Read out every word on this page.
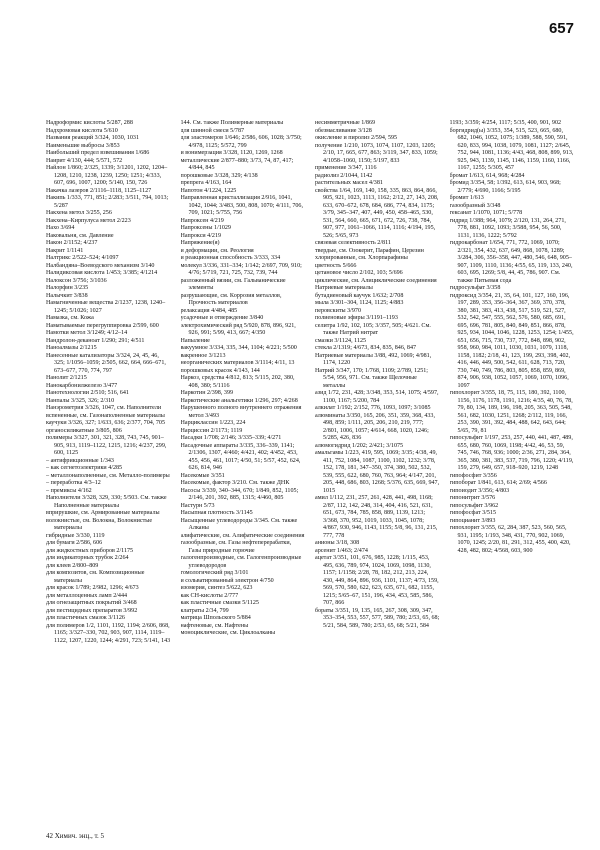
657

Надроформис кислоты 5/287, 288

Надхромовая кислота 5/610

Названия реакций 3/324, 1030, 1031

Наименьшие выбросы 3/853

Наибольший предел взвешивания 1/686

Наирит 4/130, 444; 5/571, 572

Найлон 1/860; 2/325, 1339; 3/1201, 1202, 1204–1208, 1210, 1238, 1239, 1250; 1251; 4/333, 607, 696, 1007, 1200; 5/140, 150, 726

Накачка лазеров 2/1116–1118, 1125–1127

Накипь 1/333, 771, 851; 2/283; 3/511, 794, 1013; 5/287

Накхена метол 3/255, 256

Накхена–Кирпулуса метол 2/223

Нахо 3/694

Наковальня, см. Давление

Након 2/1152; 4/237

Накрит 1/1141

Налтрикс 2/522–524; 4/1097

Налбандяна–Воеводского механизм 3/140

Налидиксовая кислота 1/453; 3/385; 4/1214

Налоксон 3/756; 3/1036

Налорфин 3/235

Налычкит 3/838

Намагниченные вещества 2/1237, 1238, 1240–1245; 5/1026; 1027

Намазка, см. Кожа

Наматываемые перегруппировка 2/599, 600

Намотки метол 3/1249; 4/12–14

Нандролон-деканоат 1/290; 291; 4/511

Наноалмазы 2/1215

Нанесенные катализаторы 3/324, 24, 45, 46, 325; 1/1056–1059; 2/505, 662, 664, 666–671, 673–677, 770, 774, 797

Нанолит 2/1215

Нанокарбонилжелезо 3/477

Нанотехнологии 2/510; 516, 641

Нанпалы 3/325, 326; 2/310

Нанэрометрия 3/326, 1047, см. Наполнители

вспененные, см. Газонаполненные материалы

каучуки 3/326, 327; 1/633, 636; 2/377, 704, 705

органосиликатные 3/805, 806

полимеры 3/327, 301, 321, 328, 743, 745, 901–905, 913, 1119–1122, 1215, 1216; 4/237, 299, 600, 1125

– антифрикционные 1/343

– как сегнетоэлектрики 4/285

– металлонаполненные, см. Металло-полимеры

– переработка 4/3–12

– премиксы 4/162

Наполнители 3/328, 329, 330; 5/503. См. также Наполненные материалы

вприрушкие, см. Армированные материалы

волокнистые, см. Волокна, Волокнистые материалы

гибридные 3/330, 1119

для бумаги 2/586, 606

для жидкостных приборов 2/1175

для индикаторных трубок 2/264

для клеев 2/800–809

для композитов, см. Композиционные материалы

для красок 1/789; 2/982, 1296; 4/673

для металлоценных ламп 2/444

для огнезащитных покрытий 3/468

для пестицидных препаратов 3/992

для пластичных смазок 3/1126

для полимеров 1/2, 1101, 1192, 1194; 2/606, 868, 1165; 3/327–330, 702, 903, 907, 1114, 1119–1122, 1207, 1220, 1244; 4/291, 723; 5/141, 143

144. См. также Полимерные материалы

для шинной смеси 5/787

для эластомеров 1/646; 2/586, 606, 1028; 3/750; 4/978, 1125; 5/572, 799

и вонимерзация 3/328, 1120, 1269, 1268

металлические 2/877–880; 3/73, 74, 87, 417; 4/844, 845

порошковые 3/328, 329; 4/138

препрега 4/163, 164

Напотон 4/1224, 1225

Направленная кристаллизация 2/916, 1041, 1042, 1044; 3/483, 500, 808, 1070; 4/111, 706, 709, 1021; 5/755, 756

Напроксен 4/219

Напроксены 1/1029

Напрокси 4/219

Напряжение(я)

и деформации, см. Реология

и реакционная способность 3/333, 334

молекул 3/336, 331–334; 1/142; 2/697, 709, 910; 4/76; 5/719, 721, 725, 732, 739, 744

разложенный вязии, см. Гальванические элементы

разрушающие, см. Коррозия металлов, Прочность материалов

релаксация 4/484, 485

усадочные и отверждение 3/840

электрохимический ряд 5/920, 878, 896, 921, 926, 991; 5/99, 413, 667; 4/350

Напыление

вакуумное 3/334, 335, 344, 1104; 4/221; 5/500

вакренное 3/1213

неорганических материалов 3/1114; 4/11, 13

порошковых красок 4/143, 144

Наркоз, средства 4/812, 813; 5/115, 202, 380, 408, 380; 5/1116

Наркотин 2/398, 399

Наркотические анальгетики 1/296, 297; 4/268

Нарушенного полного внутреннего отражения метол 3/493

Нарциклассин 1/223, 224

Нарциссин 2/1173; 1119

Насадки 1/708; 2/146; 3/335–339; 4/271

Насадочные аппараты 3/335, 336–339, 1141; 2/1306, 1307, 4/460; 4/421, 402; 4/452, 453, 455, 456, 461, 1017; 4/50, 51; 5/57, 452, 624, 626, 814, 946

Насекомые 3/351

Насекомые, фактор 3/210. См. также ДНК

Насосы 3/339, 340–344, 670; 1/849, 852, 1105; 2/146, 201, 392, 885, 1315; 4/460, 805

Настурн 5/73

Насыпная плотность 3/1145

Насыщенные углеводороды 3/345. См. также Алканы

алифатические, см. Алифатические соединения

газообразные, см. Газы нефтеперерабатки, Газы природные горючие

галогенпроизводные, см. Галогенпроизводные углеводородов

гомологический ряд 3/101

и сольватированный электрон 4/750

изомерия, синтез 5/622, 623

как СН-кислоты 2/777

как пластичные смазки 5/1125

клатраты 2/34, 799

матрица Шпольского 5/884

нафтеновые, см. Нафтены

моноциклические, см. Циклоалканы

несимметричные 1/869

обезмасливание 3/128

окисление и пиролиз 2/594, 595

получение 1/210, 1073, 1074, 1107, 1203, 1205; 2/10, 17, 665, 677, 863; 3/119, 347, 833, 1059; 4/1058–1060, 1150; 5/197, 833

применение 3/347, 1116

радиолиз 2/1044, 1142

растительных масел 4/381

свойства 1/64, 169, 140, 158, 335, 863, 864, 866, 905, 921, 1023, 1113, 1162; 2/12, 27, 143, 208, 633, 670–672, 678, 684, 686, 774, 834, 1175; 3/79, 345–347, 407, 449, 450, 458–465, 530, 531, 564, 660, 665, 671, 672, 726, 738, 784, 907, 977, 1061–1066, 1114, 1116; 4/194, 195, 526; 5/65, 973

связевая селективность 2/811

твердые, см. Озокерит, Парафин, Церезин

хлорированные, см. Хлорпарафины

цветность 5/666

цетановое число 2/102, 103; 5/696

циклические, см. Алициклические соединения

Натриевые материалы

бутадиеновый каучук 1/632; 2/708

мыла 3/301–304, 1124, 1125; 4/883

перовскиты 3/970

полиеновые эфиры 3/1191–1193

селитра 1/92, 102, 105; 3/357, 505; 4/621. См. также Натрий нитрат

смазки 3/1124, 1125

стекла 2/1319; 4/673, 834, 835, 846, 847

Натриевые материалы 3/88, 492, 1069; 4/981, 1174, 1220

Натрий 3/347, 170; 1/768, 1109; 2/789, 1251; 5/54, 956, 971. См. также Щелочные металлы

азид 1/72, 231, 428; 3/348, 353, 514, 1075; 4/597, 1100, 1167; 5/200, 784

алкилат 1/192; 2/152, 776, 1093, 1097; 3/1085

алюминаты 3/350, 165, 206, 351, 359, 368, 433, 498, 859; 1/111, 205, 206, 210, 219, 777; 2/801, 1006, 1057; 4/614, 668, 1020, 1246; 5/285, 426, 836

алюмогидрид 1/202; 2/421; 3/1075

амальгамы 1/223, 419, 595, 1069; 3/35; 4/38, 49, 411, 752, 1084, 1087, 1100, 1102, 1232; 3/78, 152, 178, 181, 347–350, 374, 380, 502, 532, 539, 555, 622, 680, 760, 763, 964; 4/147, 201, 205, 448, 686, 803, 1268; 5/376, 635, 669, 947, 1015

амил 1/112, 231, 257, 261, 428, 441, 498, 1168; 2/87, 112, 142, 248, 314, 404, 416, 521, 631, 651, 673, 784, 785, 858, 889, 1139, 1213; 3/368, 370, 952, 1019, 1033, 1045, 1078; 4/867, 930, 946, 1143, 1155; 5/8, 96, 131, 215, 777, 778

анионы 3/18, 308

арсенит 1/463; 2/474

ацетат 3/351, 101, 676, 985, 1228; 1/115, 453, 495, 636, 789, 974, 1024, 1069, 1098, 1130, 1157; 1/1158; 2/28, 78, 182, 212, 213, 224, 430, 449, 864, 896, 936, 1101, 1137; 4/73, 159, 569, 570, 580, 622, 623, 635, 671, 682, 1155, 1215; 5/65–67, 151, 196, 434, 453, 585, 586, 707, 866

бораты 3/351, 19, 135, 165, 267, 308, 309, 347, 353–354, 553, 557, 577, 589, 780; 2/53, 65, 68; 5/21, 584, 589, 780; 2/53, 65, 68; 5/21, 584

1193; 3/359; 4/254, 1117; 5/35, 400, 901, 902

боргидрид(ы) 3/353, 354, 515, 523, 665, 680, 682, 1046, 1052, 1075; 1/389, 588, 590, 591, 620, 833, 994, 1038, 1079, 1081, 1127; 2/645, 752, 944, 1081, 1136; 4/43, 468, 808, 899, 913, 925, 943, 1139, 1145, 1146, 1159, 1160, 1166, 1167, 1255; 5/305, 457

бромат 1/613, 614, 968; 4/284

бромид 3/354, 58; 1/392, 613, 614, 903, 968; 2/779; 4/690, 1166; 5/195

бромит 1/613

газообразный 3/348

гексанат 1/1070, 1071; 5/778

гидрид 1/388; 964, 1079; 2/120, 131, 264, 271, 778, 881, 1092, 1093; 3/588, 954, 56, 500, 1131, 1136, 1222; 5/792

гидрокарбонат 1/654, 771, 772, 1069, 1070; 2/321, 354, 432, 637, 649, 868, 1078, 1289; 3/284, 306, 356–358, 447, 480, 546, 648, 905–907, 1109, 1110, 1136; 4/55, 65, 119, 133, 240, 603, 695, 1269; 5/8, 44, 45, 786, 907. См. также Питьевая сода

гидросульфат 3/358

гидроксид 3/354, 21, 35, 64, 101, 127, 160, 196, 197, 289, 353, 356–364, 367, 369, 370, 378, 380, 381, 383, 413, 438, 517, 519, 521, 527, 532, 542, 547, 555, 562, 576, 580, 685, 691, 695, 696, 781, 805, 840, 849, 851, 866, 878, 925, 934, 1044, 1046, 1228, 1253, 1254; 1/455, 651, 656, 715, 730, 737, 772, 848, 898, 902, 958, 960, 984, 1011, 1030, 1031, 1079, 1118, 1158, 1182; 2/18, 41, 123, 199, 293, 398, 402, 416, 446, 449, 500, 542, 611, 628, 713, 720, 730, 740, 749, 786, 803, 805, 858, 859, 869, 874, 906, 938, 1052, 1057, 1069, 1070, 1096, 1097

гипохлорит 3/355, 18, 75, 115, 180, 392, 1100, 1156, 1176, 1178, 1191, 1216; 4/35, 40, 76, 78, 79, 80, 134, 189, 196, 198, 205, 363, 505, 548, 561, 682, 1030, 1251, 1268; 2/112, 119, 166, 253, 390, 391, 392, 484, 488, 642, 643, 644; 5/65, 79, 81

гипосульфит 1/197, 253, 257, 440, 441, 487, 489, 655, 680, 760, 1069, 1198; 4/42, 46, 53, 59, 745, 746, 768, 936; 1000; 2/36, 271, 284, 364, 365, 380, 381, 383, 537, 719, 796, 1220; 4/119, 159, 279, 649, 657, 918–920, 1219, 1248

гипофосфит 3/356

гипоборат 1/841, 613, 614; 2/69; 4/566

гипоиодит 3/356; 4/803

гипонитрит 3/576

гипосульфит 3/962

гипофосфат 3/515

гипоцианит 3/893

гипохлорит 3/355, 62, 284, 387, 523, 560, 565, 931, 1195; 1/193, 348, 431, 770, 902, 1069, 1070, 1245; 2/20, 81, 291, 312, 455, 400, 420, 428, 482, 802; 4/568, 603, 900

42 Химич. энц., т. 5
